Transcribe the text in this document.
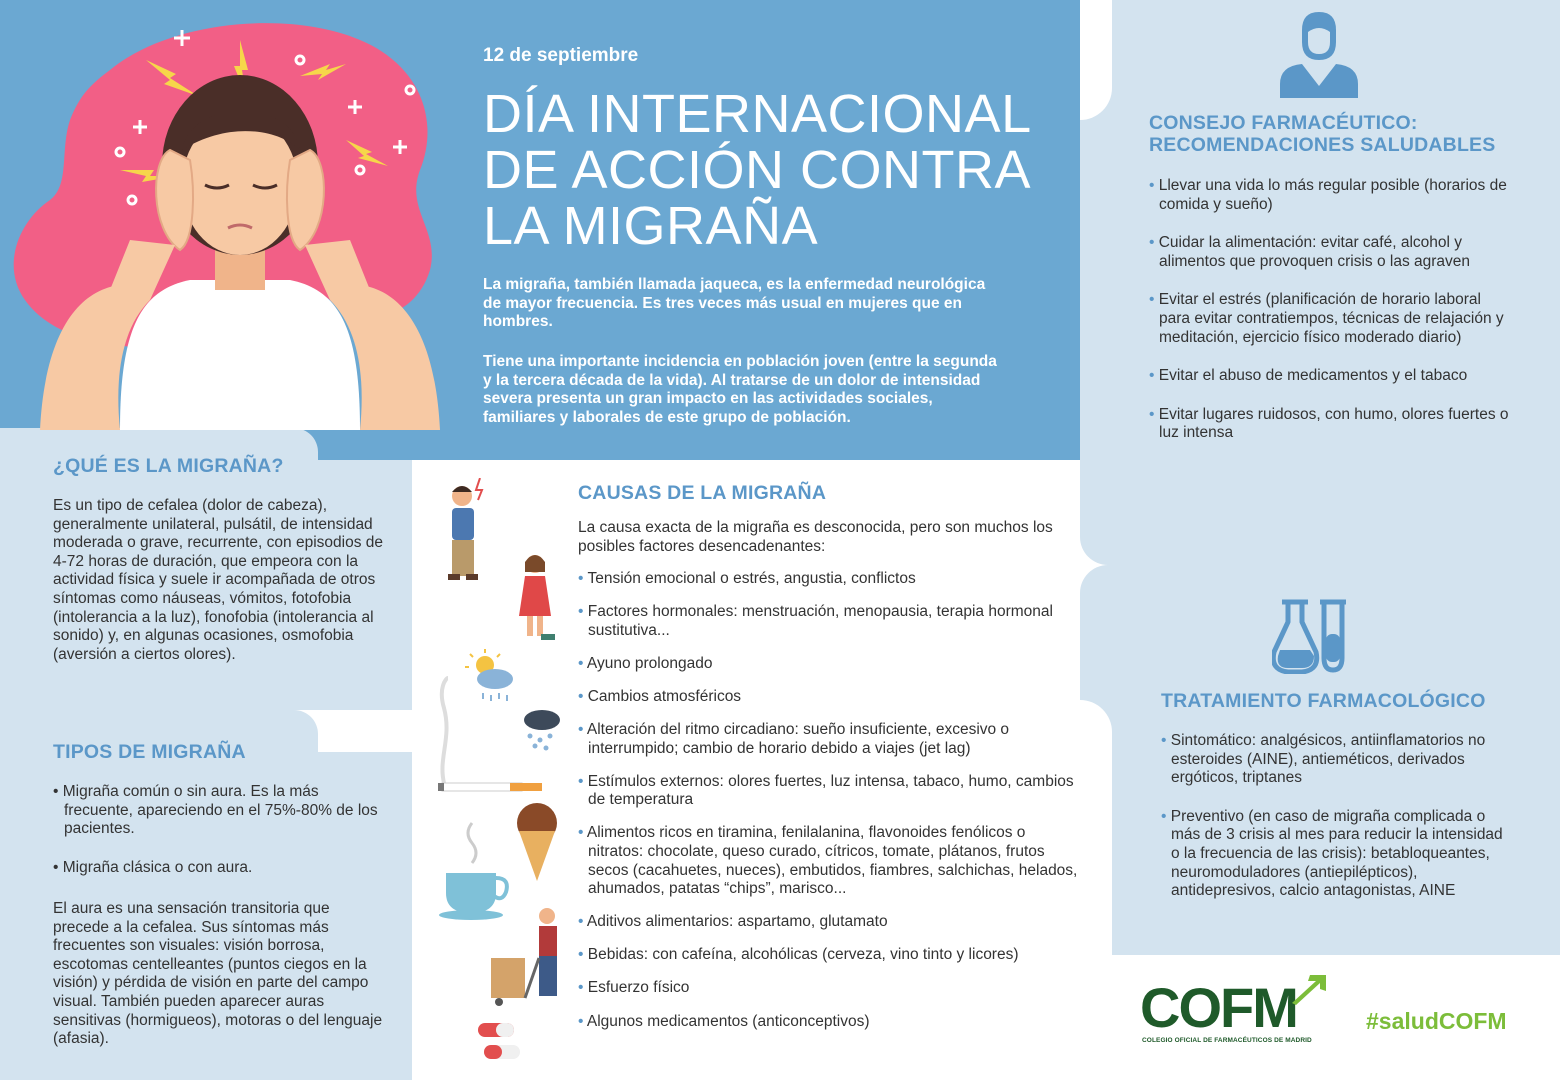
12 de septiembre
DÍA INTERNACIONAL
DE ACCIÓN CONTRA
LA MIGRAÑA

La migraña, también llamada jaqueca, es la enfermedad neurológica de mayor frecuencia. Es tres veces más usual en mujeres que en hombres.

Tiene una importante incidencia en población joven (entre la segunda y la tercera década de la vida). Al tratarse de un dolor de intensidad severa presenta un gran impacto en las actividades sociales, familiares y laborales de este grupo de población.

¿QUÉ ES LA MIGRAÑA?

Es un tipo de cefalea (dolor de cabeza), generalmente unilateral, pulsátil, de intensidad moderada o grave, recurrente, con episodios de 4-72 horas de duración, que empeora con la actividad física y suele ir acompañada de otros síntomas como náuseas, vómitos, fotofobia (intolerancia a la luz), fonofobia (intolerancia al sonido) y, en algunas ocasiones, osmofobia (aversión a ciertos olores).

TIPOS DE MIGRAÑA
• Migraña común o sin aura. Es la más frecuente, apareciendo en el 75%-80% de los pacientes.
• Migraña clásica o con aura.

El aura es una sensación transitoria que precede a la cefalea. Sus síntomas más frecuentes son visuales: visión borrosa, escotomas centelleantes (puntos ciegos en la visión) y pérdida de visión en parte del campo visual. También pueden aparecer auras sensitivas (hormigueos), motoras o del lenguaje (afasia).

CAUSAS DE LA MIGRAÑA

La causa exacta de la migraña es desconocida, pero son muchos los posibles factores desencadenantes:

• Tensión emocional o estrés, angustia, conflictos
• Factores hormonales: menstruación, menopausia, terapia hormonal sustitutiva...
• Ayuno prolongado
• Cambios atmosféricos
• Alteración del ritmo circadiano: sueño insuficiente, excesivo o interrumpido; cambio de horario debido a viajes (jet lag)
• Estímulos externos: olores fuertes, luz intensa, tabaco, humo, cambios de temperatura
• Alimentos ricos en tiramina, fenilalanina, flavonoides fenólicos o nitratos: chocolate, queso curado, cítricos, tomate, plátanos, frutos secos (cacahuetes, nueces), embutidos, fiambres, salchichas, helados, ahumados, patatas “chips”, marisco...
• Aditivos alimentarios: aspartamo, glutamato
• Bebidas: con cafeína, alcohólicas (cerveza, vino tinto y licores)
• Esfuerzo físico
• Algunos medicamentos (anticonceptivos)
CONSEJO FARMACÉUTICO:
RECOMENDACIONES SALUDABLES
• Llevar una vida lo más regular posible (horarios de comida y sueño)
• Cuidar la alimentación: evitar café, alcohol y alimentos que provoquen crisis o las agraven
• Evitar el estrés (planificación de horario laboral para evitar contratiempos, técnicas de relajación y meditación, ejercicio físico moderado diario)
• Evitar el abuso de medicamentos y el tabaco
• Evitar lugares ruidosos, con humo, olores fuertes o luz intensa
TRATAMIENTO FARMACOLÓGICO
• Sintomático: analgésicos, antiinflamatorios no esteroides (AINE), antieméticos, derivados ergóticos, triptanes
• Preventivo (en caso de migraña complicada o más de 3 crisis al mes para reducir la intensidad o la frecuencia de las crisis): betabloqueantes, neuromoduladores (antiepilépticos), antidepresivos, calcio antagonistas, AINE
COFM
COLEGIO OFICIAL DE FARMACÉUTICOS DE MADRID
#saludCOFM
